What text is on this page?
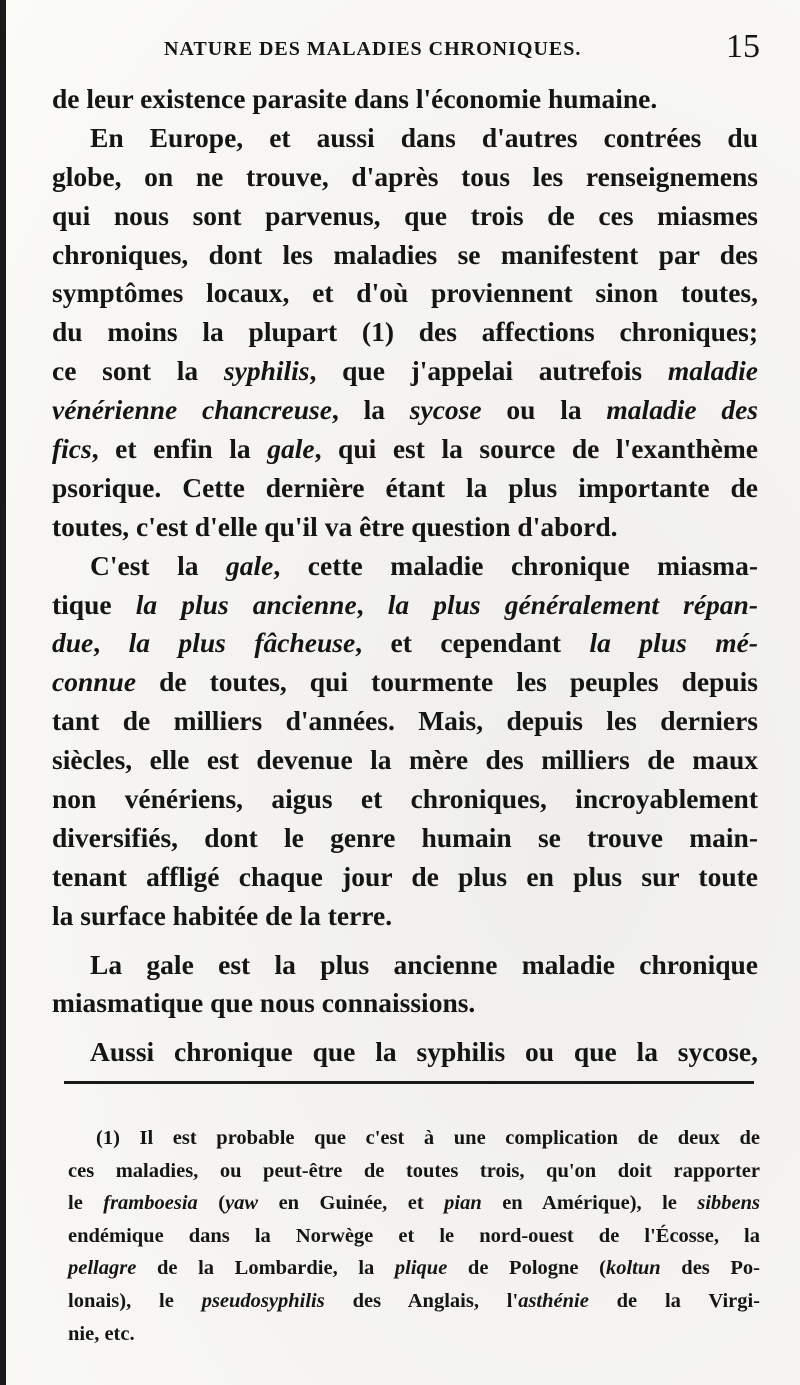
NATURE DES MALADIES CHRONIQUES.	15
de leur existence parasite dans l'économie humaine.
En Europe, et aussi dans d'autres contrées du
globe, on ne trouve, d'après tous les renseignemens
qui nous sont parvenus, que trois de ces miasmes
chroniques, dont les maladies se manifestent par des
symptômes locaux, et d'où proviennent sinon toutes,
du moins la plupart (1) des affections chroniques;
ce sont la syphilis, que j'appelai autrefois maladie
vénérienne chancreuse, la sycose ou la maladie des
fics, et enfin la gale, qui est la source de l'exanthème
psorique. Cette dernière étant la plus importante de
toutes, c'est d'elle qu'il va être question d'abord.
C'est la gale, cette maladie chronique miasma-
tique la plus ancienne, la plus généralement répan-
due, la plus fâcheuse, et cependant la plus mé-
connue de toutes, qui tourmente les peuples depuis
tant de milliers d'années. Mais, depuis les derniers
siècles, elle est devenue la mère des milliers de maux
non vénériens, aigus et chroniques, incroyablement
diversifiés, dont le genre humain se trouve main-
tenant affligé chaque jour de plus en plus sur toute
la surface habitée de la terre.
La gale est la plus ancienne maladie chronique
miasmatique que nous connaissions.
Aussi chronique que la syphilis ou que la sycose,
(1) Il est probable que c'est à une complication de deux de
ces maladies, ou peut-être de toutes trois, qu'on doit rapporter
le framboesia (yaw en Guinée, et pian en Amérique), le sibbens
endémique dans la Norwège et le nord-ouest de l'Écosse, la
pellagre de la Lombardie, la plique de Pologne (koltun des Po-
lonais), le pseudosyphilis des Anglais, l'asthénie de la Virgi-
nie, etc.
